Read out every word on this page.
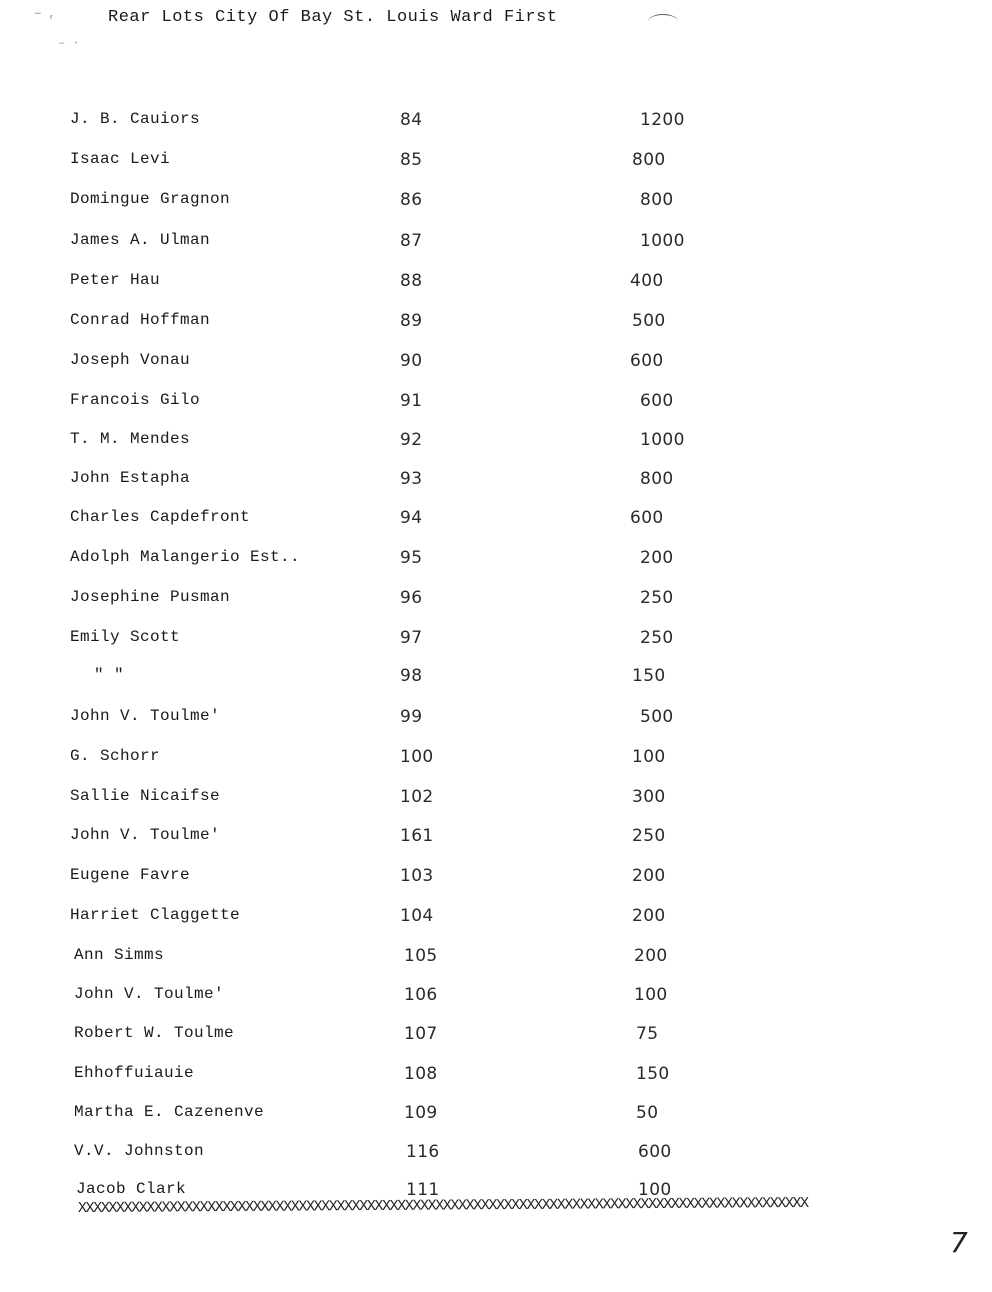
∼ ,
– ·
Rear Lots City Of Bay St. Louis Ward First
J. B. Cauiors	84	1200
Isaac Levi	85	800
Domingue Gragnon	86	800
James A. Ulman	87	1000
Peter Hau	88	400
Conrad Hoffman	89	500
Joseph Vonau	90	600
Francois Gilo	91	600
T. M. Mendes	92	1000
John Estapha	93	800
Charles Capdefront	94	600
Adolph Malangerio Est..	95	200
Josephine Pusman	96	250
Emily Scott	97	250
" "	98	150
John V. Toulme'	99	500
G. Schorr	100	100
Sallie Nicaifse	102	300
John V. Toulme'	161	250
Eugene Favre	103	200
Harriet Claggette	104	200
Ann Simms	105	200
John V. Toulme'	106	100
Robert W. Toulme	107	75
Ehhoffuiauie	108	150
Martha E. Cazenenve	109	50
V.V. Johnston	116	600
Jacob Clark	111	100
XXXXXXXXXXXXXXXXXXXXXXXXXXXXXXXXXXXXXXXXXXXXXXXXXXXXXXXXXXXXXXXXXXXXXXXXXXXXXXXXXXXXXXXXXXXXXXXX
7
